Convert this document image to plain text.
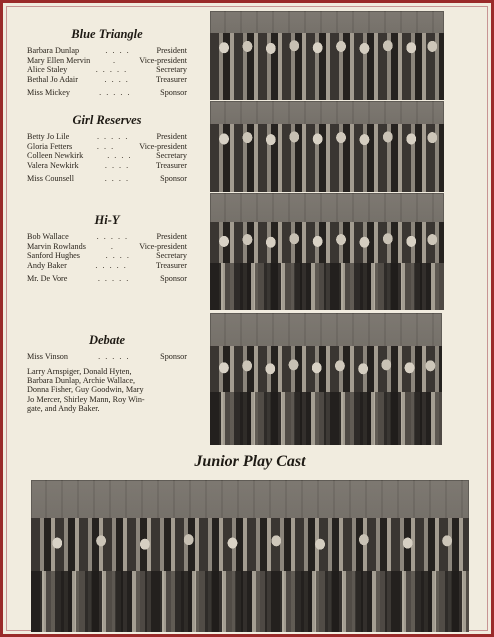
Blue Triangle
Barbara Dunlap	. . . .	President
Mary Ellen Mervin	.	Vice-president
Alice Staley	. . . . .	Secretary
Bethal Jo Adair	. . . .	Treasurer
Miss Mickey	. . . . .	Sponsor
Girl Reserves
Betty Jo Lile	. . . . .	President
Gloria Fetters	. . .	Vice-president
Colleen Newkirk	. . . .	Secretary
Valera Newkirk	. . . .	Treasurer
Miss Counsell	. . . .	Sponsor
Hi-Y
Bob Wallace	. . . . .	President
Marvin Rowlands	.	Vice-president
Sanford Hughes	. . . .	Secretary
Andy Baker	. . . . .	Treasurer
Mr. De Vore	. . . . .	Sponsor
Debate
Miss Vinson	. . . . .	Sponsor
Larry Arnspiger, Donald Hyten,
Barbara Dunlap, Archie Wallace,
Donna Fisher, Guy Goodwin, Mary
Jo Mercer, Shirley Mann, Roy Win-
gate, and Andy Baker.
Junior Play Cast
